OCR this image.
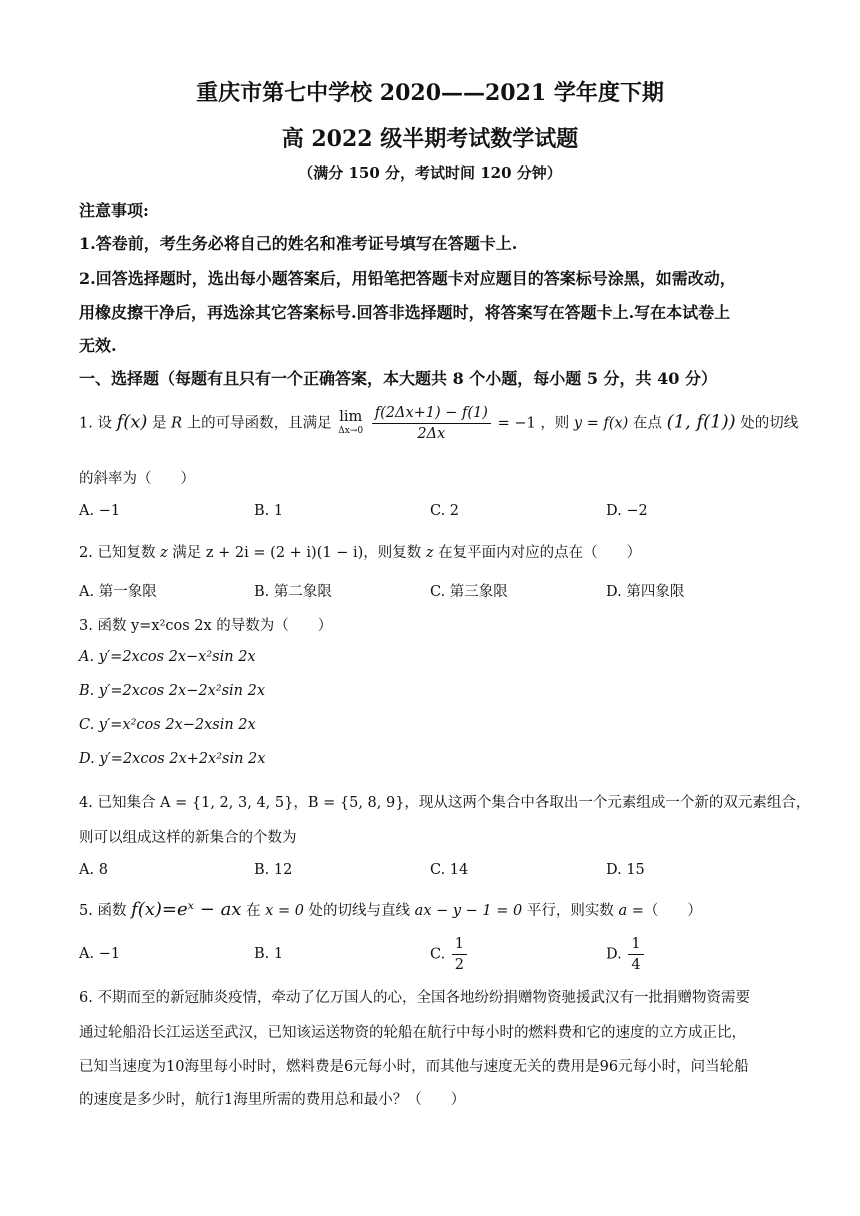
重庆市第七中学校 2020——2021 学年度下期
高 2022 级半期考试数学试题
（满分 150 分，考试时间 120 分钟）
注意事项:
1.答卷前，考生务必将自己的姓名和准考证号填写在答题卡上.
2.回答选择题时，选出每小题答案后，用铅笔把答题卡对应题目的答案标号涂黑，如需改动，
用橡皮擦干净后，再选涂其它答案标号.回答非选择题时，将答案写在答题卡上.写在本试卷上
无效.
一、选择题（每题有且只有一个正确答案，本大题共 8 个小题，每小题 5 分，共 40 分）
1. 设 f(x) 是 R 上的可导函数，且满足 lim
Δx→0
$\frac{f(2\Delta x+1) - f(1)}{2\Delta x} = -1$ ，则 y = f(x) 在点 (1, f(1)) 处的切线
的斜率为（　　）
A. −1	B. 1	C. 2	D. −2
2. 已知复数 z 满足 z + 2i = (2 + i)(1 − i)，则复数 z 在复平面内对应的点在（　　）
A. 第一象限	B. 第二象限	C. 第三象限	D. 第四象限
3. 函数 y=x²cos 2x 的导数为（　　）
A. y′=2xcos 2x−x²sin 2x
B. y′=2xcos 2x−2x²sin 2x
C. y′=x²cos 2x−2xsin 2x
D. y′=2xcos 2x+2x²sin 2x
4. 已知集合 A = {1, 2, 3, 4, 5}，B = {5, 8, 9}，现从这两个集合中各取出一个元素组成一个新的双元素组合，
则可以组成这样的新集合的个数为
A. 8	B. 12	C. 14	D. 15
5. 函数 f(x)=eˣ − ax 在 x = 0 处的切线与直线 ax − y − 1 = 0 平行，则实数 a =（　　）
A. −1	B. 1	C. $\frac{1}{2}$	D. $\frac{1}{4}$
6. 不期而至的新冠肺炎疫情，牵动了亿万国人的心，全国各地纷纷捐赠物资驰援武汉有一批捐赠物资需要
通过轮船沿长江运送至武汉，已知该运送物资的轮船在航行中每小时的燃料费和它的速度的立方成正比，
已知当速度为10海里每小时时，燃料费是6元每小时，而其他与速度无关的费用是96元每小时，问当轮船
的速度是多少时，航行1海里所需的费用总和最小？（　　）
